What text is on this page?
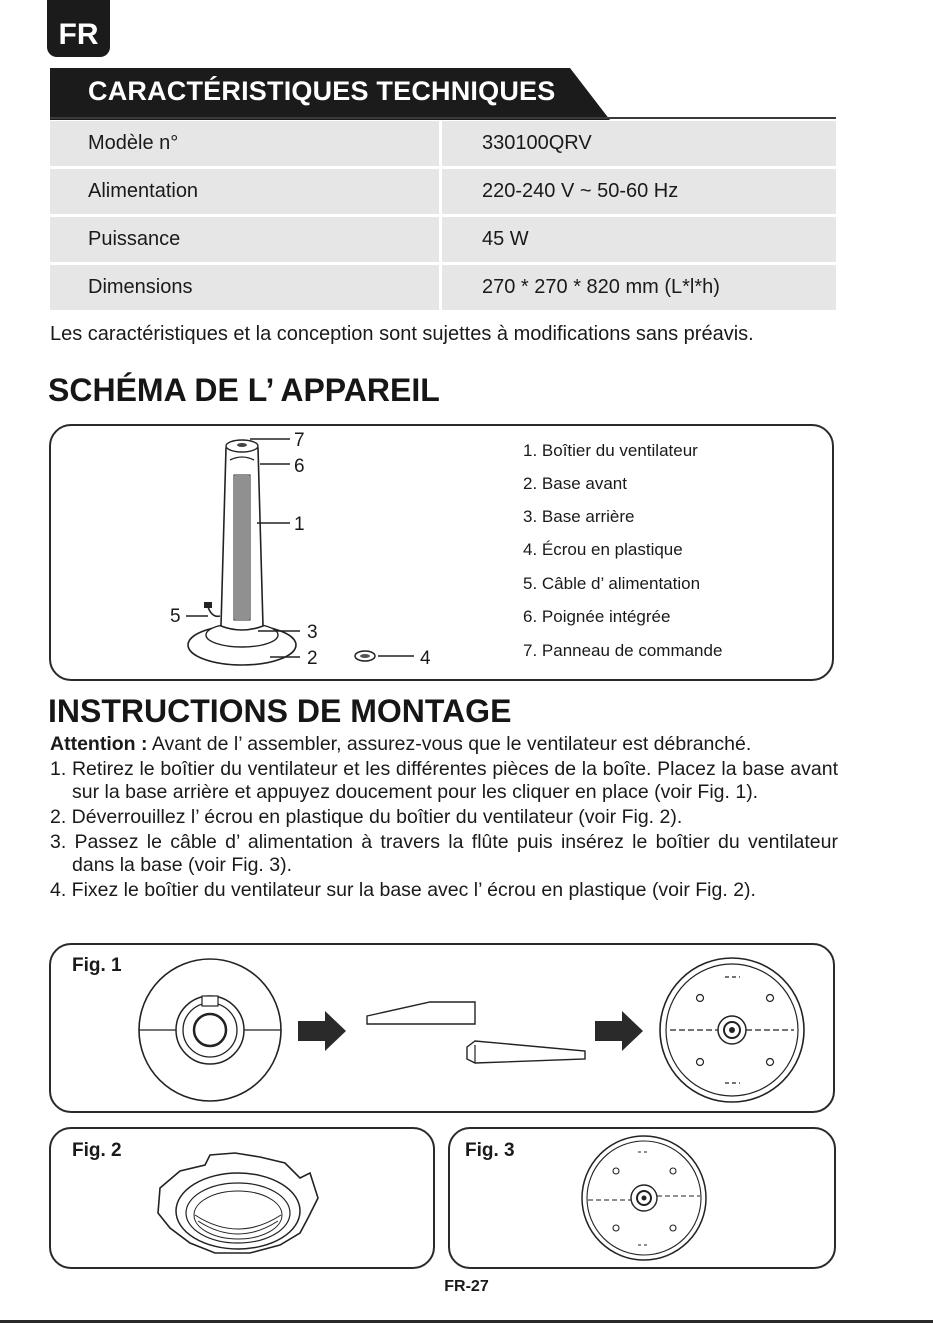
FR
CARACTÉRISTIQUES TECHNIQUES
Modèle n°	330100QRV
Alimentation	220-240 V ~ 50-60 Hz
Puissance	45 W
Dimensions	270 * 270 * 820 mm (L*l*h)
Les caractéristiques et la conception sont sujettes à modifications sans préavis.
SCHÉMA DE L’ APPAREIL
7
6
1
5
3
2	4
1. Boîtier du ventilateur
2. Base avant
3. Base arrière
4. Écrou en plastique
5. Câble d’ alimentation
6. Poignée intégrée
7. Panneau de commande
INSTRUCTIONS DE MONTAGE

Attention : Avant de l’ assembler, assurez-vous que le ventilateur est débranché.

1. Retirez le boîtier du ventilateur et les différentes pièces de la boîte. Placez la base avant sur la base arrière et appuyez doucement pour les cliquer en place (voir Fig. 1).

2. Déverrouillez l’ écrou en plastique du boîtier du ventilateur (voir Fig. 2).

3. Passez le câble d’ alimentation à travers la flûte puis insérez le boîtier du ventilateur dans la base (voir Fig. 3).

4. Fixez le boîtier du ventilateur sur la base avec l’ écrou en plastique (voir Fig. 2).

Fig. 1
Fig. 2	Fig. 3
FR-27
